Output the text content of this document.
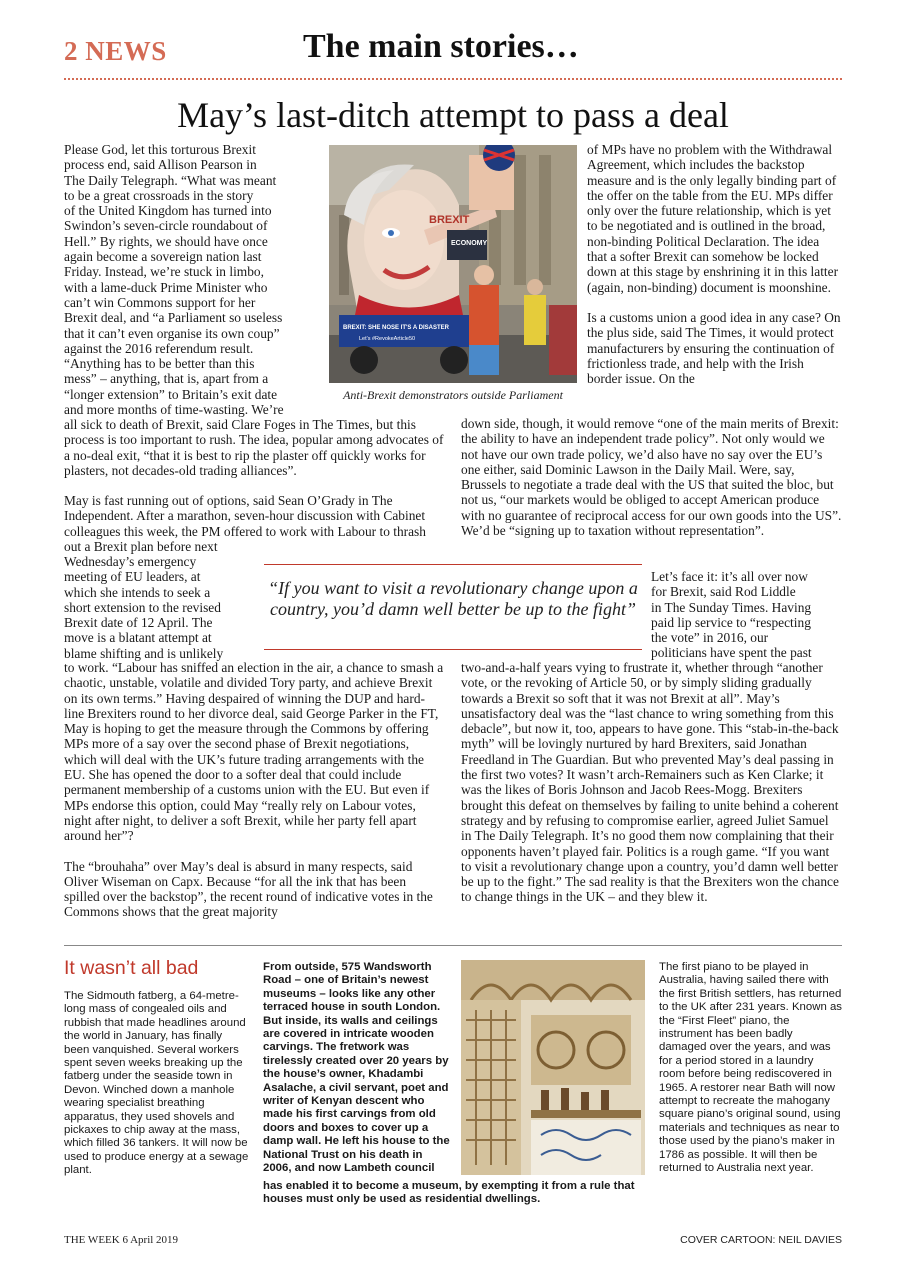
2 NEWS	The main stories…
May’s last-ditch attempt to pass a deal

Please God, let this torturous Brexit

process end, said Allison Pearson in

The Daily Telegraph. “What was meant

to be a great crossroads in the story

of the United Kingdom has turned into

Swindon’s seven-circle roundabout of

Hell.” By rights, we should have once

again become a sovereign nation last

Friday. Instead, we’re stuck in limbo,

with a lame-duck Prime Minister who

can’t win Commons support for her

Brexit deal, and “a Parliament so useless

that it can’t even organise its own coup”

against the 2016 referendum result.

“Anything has to be better than this

mess” – anything, that is, apart from a

“longer extension” to Britain’s exit date

and more months of time-wasting. We’re

BREXIT
BREXIT: SHE NOSE IT'S A DISASTER
Let's #RevokeArticle50
ECONOMY
Anti-Brexit demonstrators outside Parliament

of MPs have no problem with the Withdrawal Agreement, which includes the backstop measure and is the only legally binding part of the offer on the table from the EU. MPs differ only over the future relationship, which is yet to be negotiated and is outlined in the broad, non-binding Political Declaration. The idea that a softer Brexit can somehow be locked down at this stage by enshrining it in this latter (again, non-binding) document is moonshine.

Is a customs union a good idea in any case? On the plus side, said The Times, it would protect manufacturers by ensuring the continuation of frictionless trade, and help with the Irish border issue. On the

all sick to death of Brexit, said Clare Foges in The Times, but this process is too important to rush. The idea, popular among advocates of a no-deal exit, “that it is best to rip the plaster off quickly works for plasters, not decades-old trading alliances”.

May is fast running out of options, said Sean O’Grady in The Independent. After a marathon, seven-hour discussion with Cabinet colleagues this week, the PM offered to work with Labour to thrash out a Brexit plan before next

Wednesday’s emergency

meeting of EU leaders, at

which she intends to seek a

short extension to the revised

Brexit date of 12 April. The

move is a blatant attempt at

blame shifting and is unlikely

“If you want to visit a revolutionary change upon a country, you’d damn well better be up to the fight”

Let’s face it: it’s all over now

for Brexit, said Rod Liddle

in The Sunday Times. Having

paid lip service to “respecting

the vote” in 2016, our

politicians have spent the past

to work. “Labour has sniffed an election in the air, a chance to smash a chaotic, unstable, volatile and divided Tory party, and achieve Brexit on its own terms.” Having despaired of winning the DUP and hard-line Brexiters round to her divorce deal, said George Parker in the FT, May is hoping to get the measure through the Commons by offering MPs more of a say over the second phase of Brexit negotiations, which will deal with the UK’s future trading arrangements with the EU. She has opened the door to a softer deal that could include permanent membership of a customs union with the EU. But even if MPs endorse this option, could May “really rely on Labour votes, night after night, to deliver a soft Brexit, while her party fell apart around her”?

The “brouhaha” over May’s deal is absurd in many respects, said Oliver Wiseman on Capx. Because “for all the ink that has been spilled over the backstop”, the recent round of indicative votes in the Commons shows that the great majority

down side, though, it would remove “one of the main merits of Brexit: the ability to have an independent trade policy”. Not only would we not have our own trade policy, we’d also have no say over the EU’s one either, said Dominic Lawson in the Daily Mail. Were, say, Brussels to negotiate a trade deal with the US that suited the bloc, but not us, “our markets would be obliged to accept American produce with no guarantee of reciprocal access for our own goods into the US”. We’d be “signing up to taxation without representation”.

two-and-a-half years vying to frustrate it, whether through “another vote, or the revoking of Article 50, or by simply sliding gradually towards a Brexit so soft that it was not Brexit at all”. May’s unsatisfactory deal was the “last chance to wring something from this debacle”, but now it, too, appears to have gone. This “stab-in-the-back myth” will be lovingly nurtured by hard Brexiters, said Jonathan Freedland in The Guardian. But who prevented May’s deal passing in the first two votes? It wasn’t arch-Remainers such as Ken Clarke; it was the likes of Boris Johnson and Jacob Rees-Mogg. Brexiters brought this defeat on themselves by failing to unite behind a coherent strategy and by refusing to compromise earlier, agreed Juliet Samuel in The Daily Telegraph. It’s no good them now complaining that their opponents haven’t played fair. Politics is a rough game. “If you want to visit a revolutionary change upon a country, you’d damn well better be up to the fight.” The sad reality is that the Brexiters won the chance to change things in the UK – and they blew it.

It wasn’t all bad
The Sidmouth fatberg, a 64-metre-long mass of congealed oils and rubbish that made headlines around the world in January, has finally been vanquished. Several workers spent seven weeks breaking up the fatberg under the seaside town in Devon. Winched down a manhole wearing specialist breathing apparatus, they used shovels and pickaxes to chip away at the mass, which filled 36 tankers. It will now be used to produce energy at a sewage plant.
From outside, 575 Wandsworth Road – one of Britain’s newest museums – looks like any other terraced house in south London. But inside, its walls and ceilings are covered in intricate wooden carvings. The fretwork was tirelessly created over 20 years by the house’s owner, Khadambi Asalache, a civil servant, poet and writer of Kenyan descent who made his first carvings from old doors and boxes to cover up a damp wall. He left his house to the National Trust on his death in 2006, and now Lambeth council
has enabled it to become a museum, by exempting it from a rule that houses must only be used as residential dwellings.
The first piano to be played in Australia, having sailed there with the first British settlers, has returned to the UK after 231 years. Known as the “First Fleet” piano, the instrument has been badly damaged over the years, and was for a period stored in a laundry room before being rediscovered in 1965. A restorer near Bath will now attempt to recreate the mahogany square piano’s original sound, using materials and techniques as near to those used by the piano’s maker in 1786 as possible. It will then be returned to Australia next year.
THE WEEK 6 April 2019	COVER CARTOON: NEIL DAVIES
